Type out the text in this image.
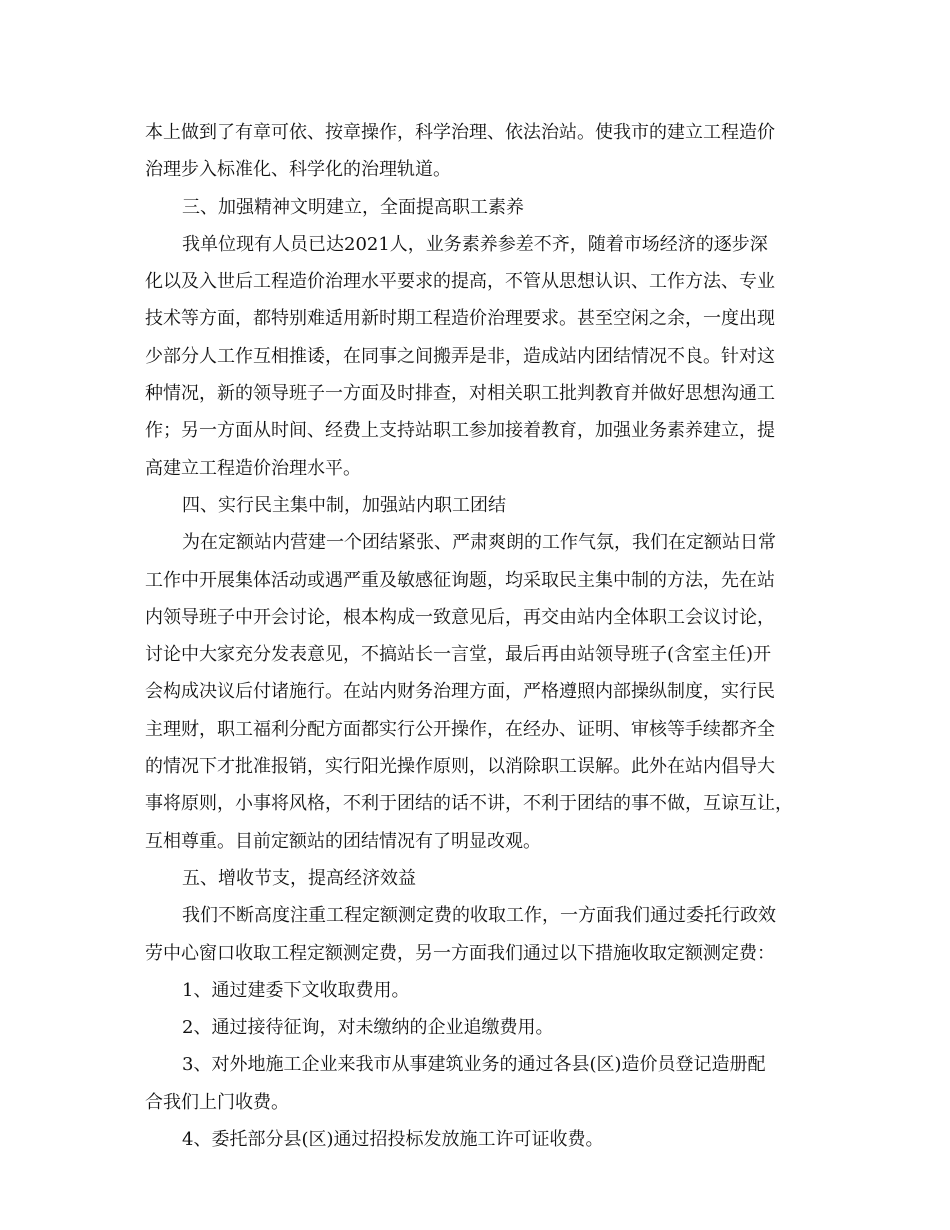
本上做到了有章可依、按章操作，科学治理、依法治站。使我市的建立工程造价
治理步入标准化、科学化的治理轨道。
三、加强精神文明建立，全面提高职工素养
我单位现有人员已达2021人，业务素养参差不齐，随着市场经济的逐步深
化以及入世后工程造价治理水平要求的提高，不管从思想认识、工作方法、专业
技术等方面，都特别难适用新时期工程造价治理要求。甚至空闲之余，一度出现
少部分人工作互相推诿，在同事之间搬弄是非，造成站内团结情况不良。针对这
种情况，新的领导班子一方面及时排查，对相关职工批判教育并做好思想沟通工
作；另一方面从时间、经费上支持站职工参加接着教育，加强业务素养建立，提
高建立工程造价治理水平。
四、实行民主集中制，加强站内职工团结
为在定额站内营建一个团结紧张、严肃爽朗的工作气氛，我们在定额站日常
工作中开展集体活动或遇严重及敏感征询题，均采取民主集中制的方法，先在站
内领导班子中开会讨论，根本构成一致意见后，再交由站内全体职工会议讨论，
讨论中大家充分发表意见，不搞站长一言堂，最后再由站领导班子(含室主任)开
会构成决议后付诸施行。在站内财务治理方面，严格遵照内部操纵制度，实行民
主理财，职工福利分配方面都实行公开操作，在经办、证明、审核等手续都齐全
的情况下才批准报销，实行阳光操作原则，以消除职工误解。此外在站内倡导大
事将原则，小事将风格，不利于团结的话不讲，不利于团结的事不做，互谅互让，
互相尊重。目前定额站的团结情况有了明显改观。
五、增收节支，提高经济效益
我们不断高度注重工程定额测定费的收取工作，一方面我们通过委托行政效
劳中心窗口收取工程定额测定费，另一方面我们通过以下措施收取定额测定费：
1、通过建委下文收取费用。
2、通过接待征询，对未缴纳的企业追缴费用。
3、对外地施工企业来我市从事建筑业务的通过各县(区)造价员登记造册配
合我们上门收费。
4、委托部分县(区)通过招投标发放施工许可证收费。
